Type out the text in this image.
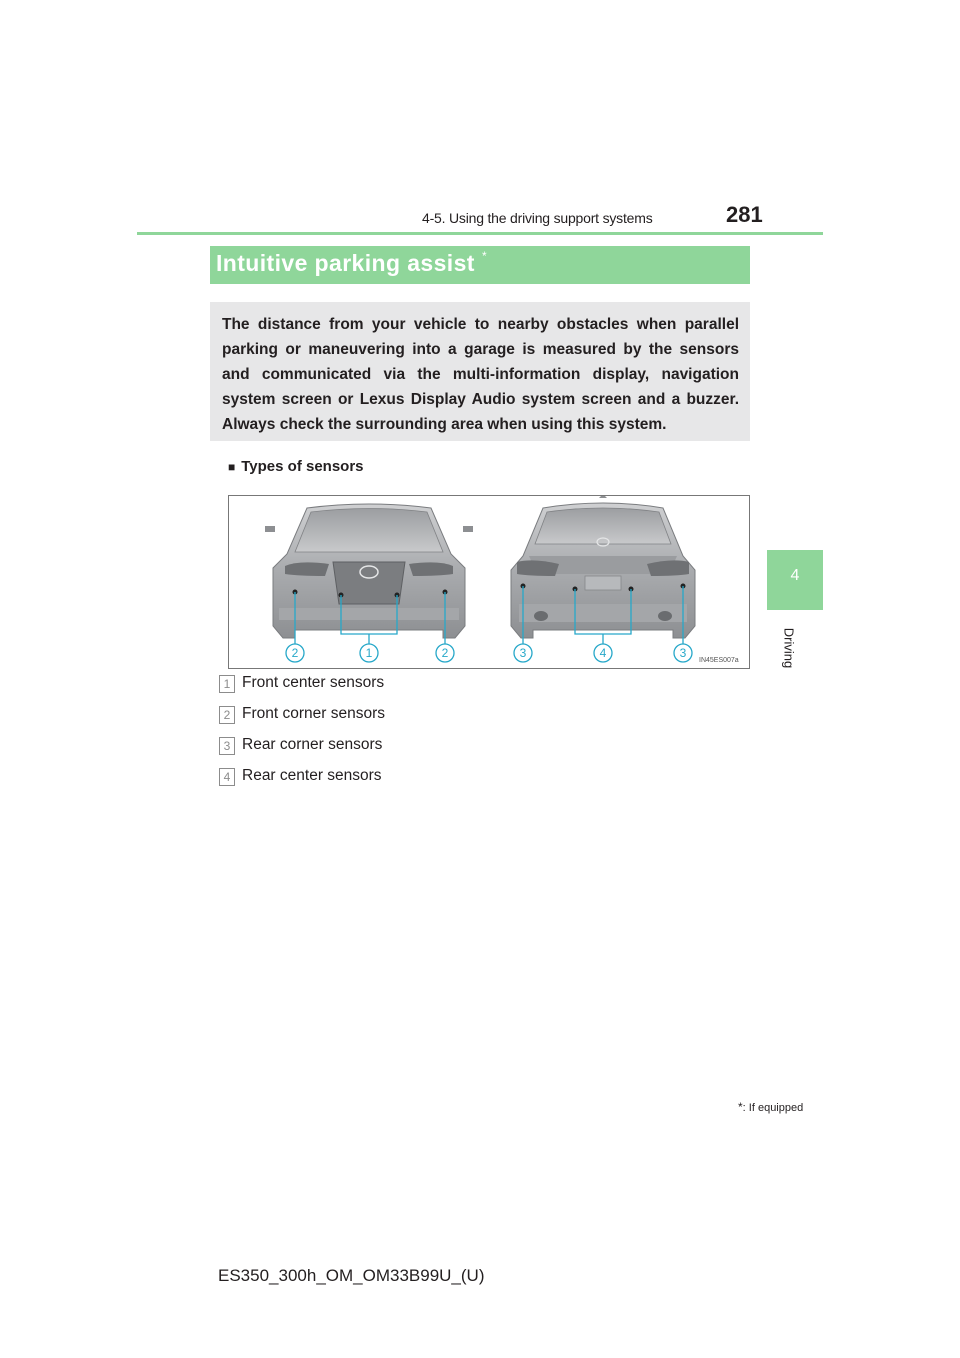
4-5. Using the driving support systems	281
4
Driving
Intuitive parking assist *
The distance from your vehicle to nearby obstacles when parallel parking or maneuvering into a garage is measured by the sensors and communicated via the multi-information display, navigation system screen or Lexus Display Audio system screen and a buzzer. Always check the surrounding area when using this system.
■ Types of sensors
2	1	2	3	4	3
IN45ES007a
1 Front center sensors
2 Front corner sensors
3 Rear corner sensors
4 Rear center sensors
*: If equipped
ES350_300h_OM_OM33B99U_(U)
